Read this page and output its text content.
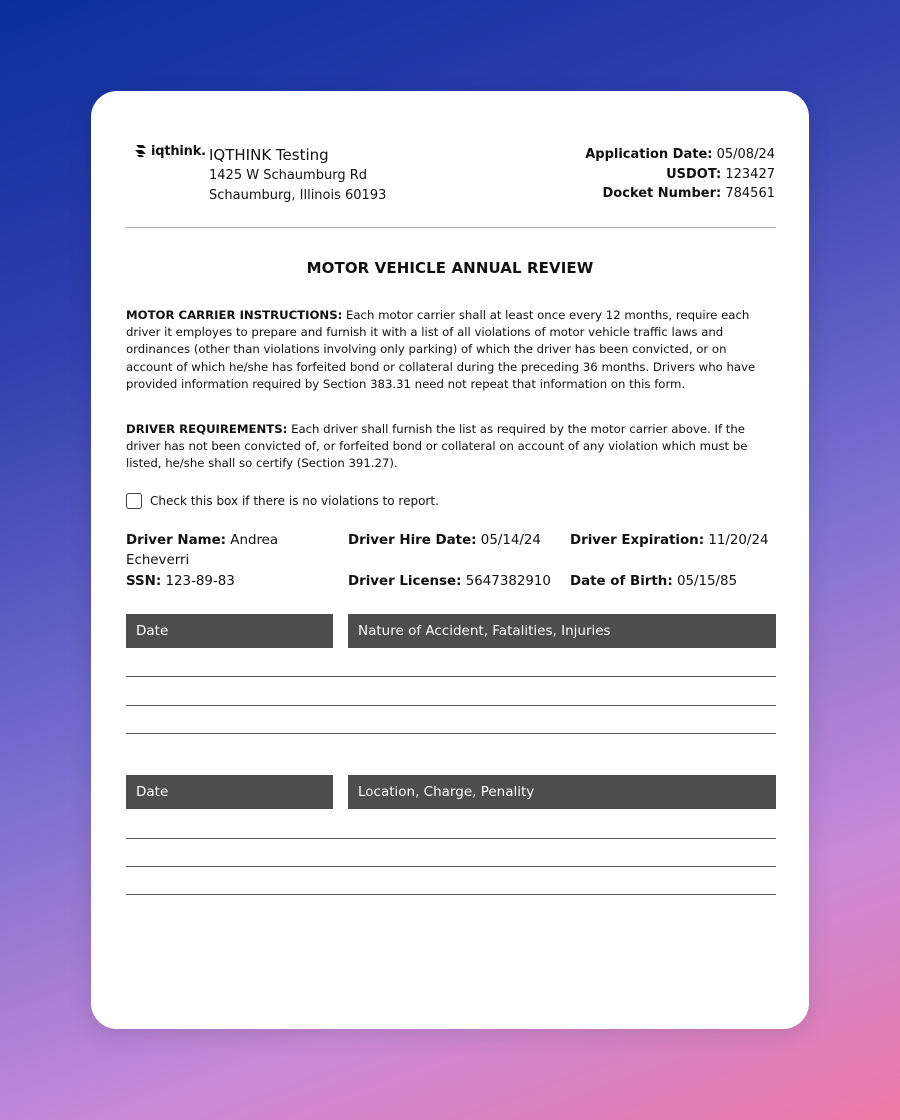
iqthink. IQTHINK Testing
1425 W Schaumburg Rd
Schaumburg, Illinois 60193
Application Date: 05/08/24
USDOT: 123427
Docket Number: 784561
MOTOR VEHICLE ANNUAL REVIEW
MOTOR CARRIER INSTRUCTIONS: Each motor carrier shall at least once every 12 months, require each driver it employes to prepare and furnish it with a list of all violations of motor vehicle traffic laws and ordinances (other than violations involving only parking) of which the driver has been convicted, or on account of which he/she has forfeited bond or collateral during the preceding 36 months. Drivers who have provided information required by Section 383.31 need not repeat that information on this form.
DRIVER REQUIREMENTS: Each driver shall furnish the list as required by the motor carrier above. If the driver has not been convicted of, or forfeited bond or collateral on account of any violation which must be listed, he/she shall so certify (Section 391.27).
Check this box if there is no violations to report.
Driver Name: Andrea Echeverri
Driver Hire Date: 05/14/24 Driver Expiration: 11/20/24
SSN: 123-89-83	Driver License: 5647382910 Date of Birth: 05/15/85
Date	Nature of Accident, Fatalities, Injuries
Date	Location, Charge, Penality
